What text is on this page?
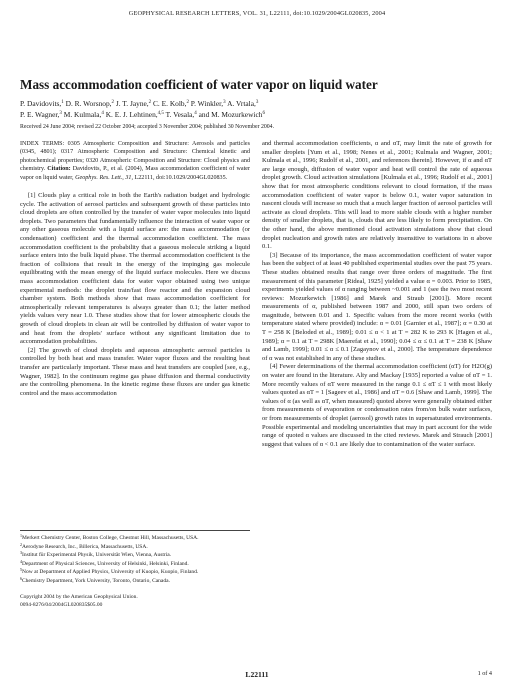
GEOPHYSICAL RESEARCH LETTERS, VOL. 31, L22111, doi:10.1029/2004GL020835, 2004
Mass accommodation coefficient of water vapor on liquid water
P. Davidovits,$^1$ D. R. Worsnop,$^2$ J. T. Jayne,$^2$ C. E. Kolb,$^2$ P. Winkler,$^3$ A. Vrtala,$^3$
P. E. Wagner,$^3$ M. Kulmala,$^4$ K. E. J. Lehtinen,$^{4,5}$ T. Vesala,$^4$ and M. Mozurkewich$^6$
Received 24 June 2004; revised 22 October 2004; accepted 3 November 2004; published 30 November 2004.

INDEX TERMS: 0305 Atmospheric Composition and Structure: Aerosols and particles (0345, 4801); 0317 Atmospheric Composition and Structure: Chemical kinetic and photochemical properties; 0320 Atmospheric Composition and Structure: Cloud physics and chemistry. Citation: Davidovits, P., et al. (2004), Mass accommodation coefficient of water vapor on liquid water, Geophys. Res. Lett., 31, L22111, doi:10.1029/2004GL020835.

[1] Clouds play a critical role in both the Earth's radiation budget and hydrologic cycle. The activation of aerosol particles and subsequent growth of these particles into cloud droplets are often controlled by the transfer of water vapor molecules into liquid droplets. Two parameters that fundamentally influence the interaction of water vapor or any other gaseous molecule with a liquid surface are: the mass accommodation (or condensation) coefficient and the thermal accommodation coefficient. The mass accommodation coefficient is the probability that a gaseous molecule striking a liquid surface enters into the bulk liquid phase. The thermal accommodation coefficient is the fraction of collisions that result in the energy of the impinging gas molecule equilibrating with the mean energy of the liquid surface molecules. Here we discuss mass accommodation coefficient data for water vapor obtained using two unique experimental methods: the droplet train/fast flow reactor and the expansion cloud chamber system. Both methods show that mass accommodation coefficient for atmospherically relevant temperatures is always greater than 0.1; the latter method yields values very near 1.0. These studies show that for lower atmospheric clouds the growth of cloud droplets in clean air will be controlled by diffusion of water vapor to and heat from the droplets' surface without any significant limitation due to accommodation probabilities.

[2] The growth of cloud droplets and aqueous atmospheric aerosol particles is controlled by both heat and mass transfer. Water vapor fluxes and the resulting heat transfer are particularly important. These mass and heat transfers are coupled [see, e.g., Wagner, 1982]. In the continuum regime gas phase diffusion and thermal conductivity are the controlling phenomena. In the kinetic regime these fluxes are under gas kinetic control and the mass accommodation

$^1$Merkert Chemistry Center, Boston College, Chestnut Hill, Massachusetts, USA.

$^2$Aerodyne Research, Inc., Billerica, Massachusetts, USA.

$^3$Institut für Experimental Physik, Universität Wien, Vienna, Austria.

$^4$Department of Physical Sciences, University of Helsinki, Helsinki, Finland.

$^5$Now at Department of Applied Physics, University of Kuopio, Kuopio, Finland.

$^6$Chemistry Department, York University, Toronto, Ontario, Canada.

Copyright 2004 by the American Geophysical Union.

0094-8276/04/2004GL020835$05.00

and thermal accommodation coefficients, α and αT, may limit the rate of growth for smaller droplets [Yum et al., 1998; Nenes et al., 2001; Kulmala and Wagner, 2001; Kulmala et al., 1996; Rudolf et al., 2001, and references therein]. However, if α and αT are large enough, diffusion of water vapor and heat will control the rate of aqueous droplet growth. Cloud activation simulations [Kulmala et al., 1996; Rudolf et al., 2001] show that for most atmospheric conditions relevant to cloud formation, if the mass accommodation coefficient of water vapor is below 0.1, water vapor saturation in nascent clouds will increase so much that a much larger fraction of aerosol particles will activate as cloud droplets. This will lead to more stable clouds with a higher number density of smaller droplets, that is, clouds that are less likely to form precipitation. On the other hand, the above mentioned cloud activation simulations show that cloud droplet nucleation and growth rates are relatively insensitive to variations in α above 0.1.

[3] Because of its importance, the mass accommodation coefficient of water vapor has been the subject of at least 40 published experimental studies over the past 75 years. These studies obtained results that range over three orders of magnitude. The first measurement of this parameter [Rideal, 1925] yielded a value α = 0.003. Prior to 1985, experiments yielded values of α ranging between ~0.001 and 1 (see the two most recent reviews: Mozurkewich [1986] and Marek and Straub [2001]). More recent measurements of α, published between 1987 and 2000, still span two orders of magnitude, between 0.01 and 1. Specific values from the more recent works (with temperature stated where provided) include: α = 0.01 [Garnier et al., 1987]; α = 0.30 at T = 258 K [Beloded et al., 1989]; 0.01 ≤ α < 1 at T = 282 K to 293 K [Hagen et al., 1989]; α = 0.1 at T = 298K [Maerefat et al., 1990]; 0.04 ≤ α ≤ 0.1 at T = 238 K [Shaw and Lamb, 1999]; 0.01 ≤ α ≤ 0.1 [Zagaynov et al., 2000]. The temperature dependence of α was not established in any of these studies.

[4] Fewer determinations of the thermal accommodation coefficient (αT) for H2O(g) on water are found in the literature. Alty and Mackay [1935] reported a value of αT = 1. More recently values of αT were measured in the range 0.1 ≤ αT ≤ 1 with most likely values quoted as αT = 1 [Sageev et al., 1986] and αT = 0.6 [Shaw and Lamb, 1999]. The values of α (as well as αT, when measured) quoted above were generally obtained either from measurements of evaporation or condensation rates from/on bulk water surfaces, or from measurements of droplet (aerosol) growth rates in supersaturated environments. Possible experimental and modeling uncertainties that may in part account for the wide range of quoted α values are discussed in the cited reviews. Marek and Strauch [2001] suggest that values of α < 0.1 are likely due to contamination of the water surface.

L22111	1 of 4
